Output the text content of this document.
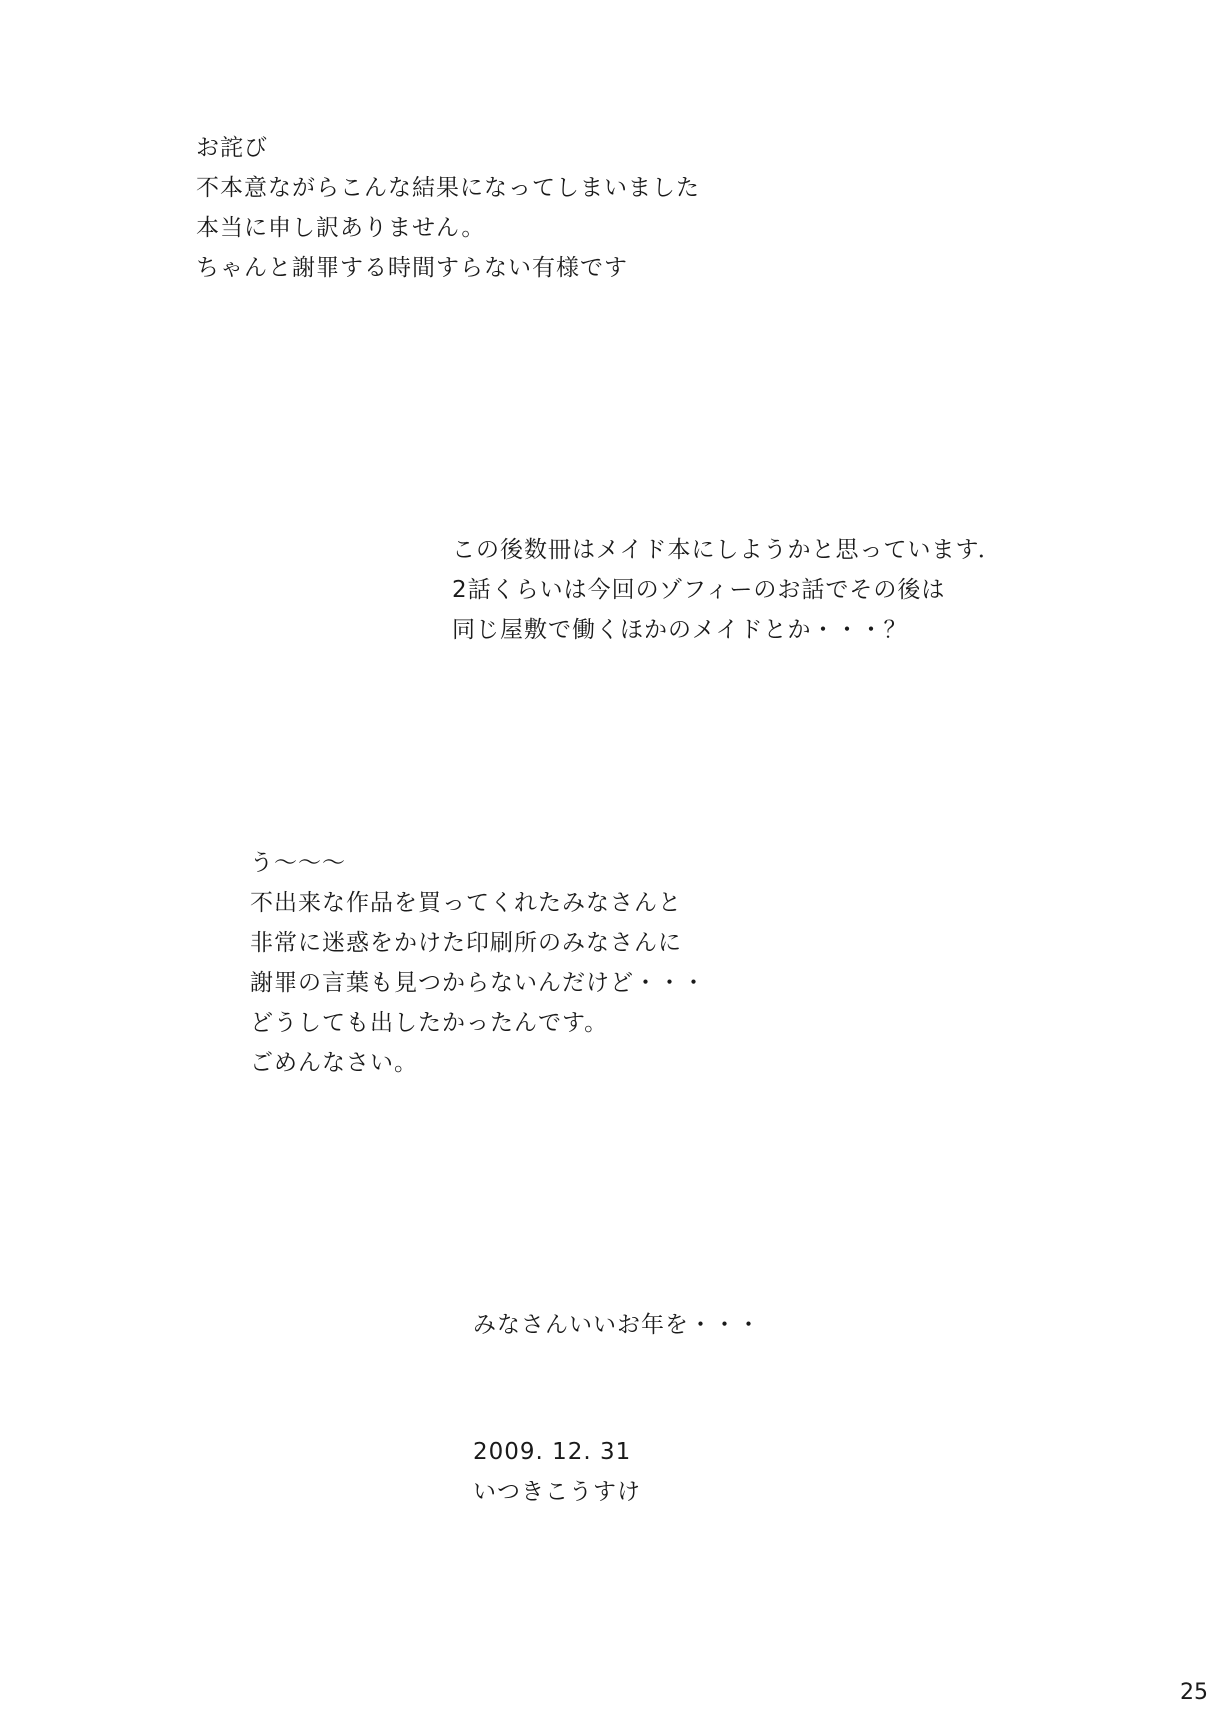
お詫び
不本意ながらこんな結果になってしまいました
本当に申し訳ありません。
ちゃんと謝罪する時間すらない有様です
この後数冊はメイド本にしようかと思っています．
2話くらいは今回のゾフィーのお話でその後は
同じ屋敷で働くほかのメイドとか・・・？
う～～～
不出来な作品を買ってくれたみなさんと
非常に迷惑をかけた印刷所のみなさんに
謝罪の言葉も見つからないんだけど・・・
どうしても出したかったんです。
ごめんなさい。
みなさんいいお年を・・・
2009. 12. 31
いつきこうすけ
25
